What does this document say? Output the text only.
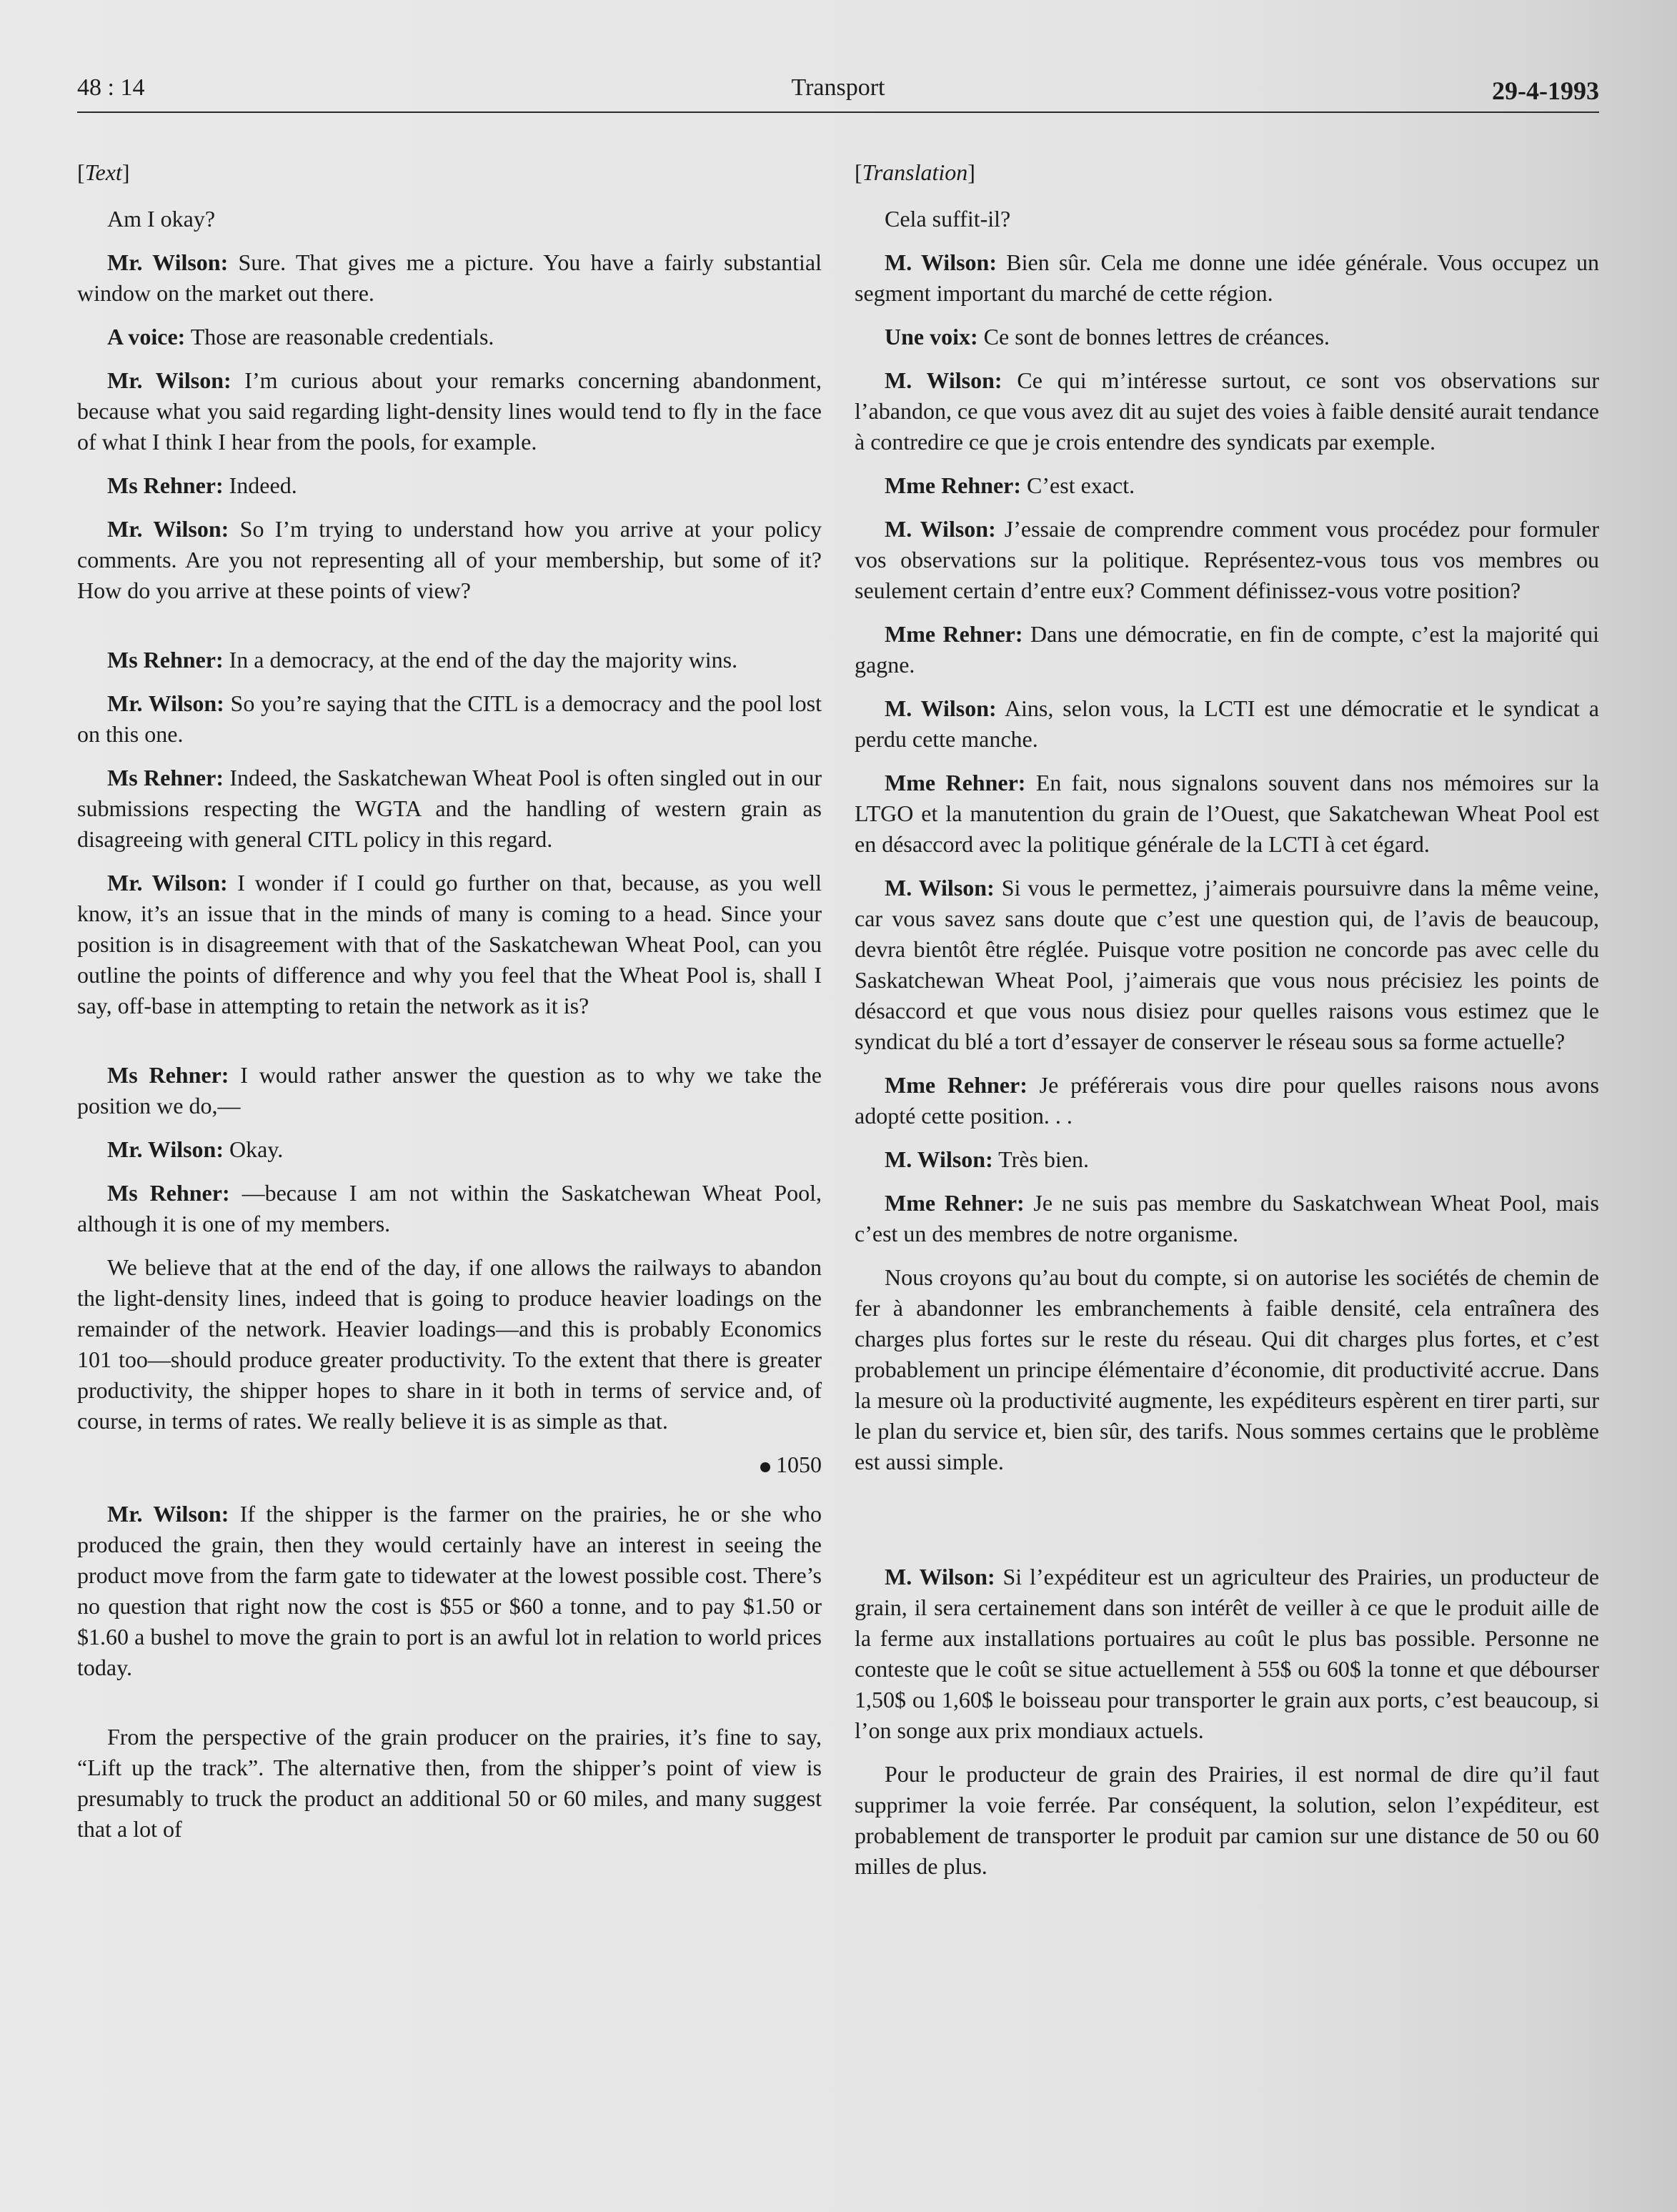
48 : 14	Transport	29-4-1993

[Text]

Am I okay?

Mr. Wilson: Sure. That gives me a picture. You have a fairly substantial window on the market out there.

A voice: Those are reasonable credentials.

Mr. Wilson: I’m curious about your remarks concerning abandonment, because what you said regarding light-density lines would tend to fly in the face of what I think I hear from the pools, for example.

Ms Rehner: Indeed.

Mr. Wilson: So I’m trying to understand how you arrive at your policy comments. Are you not representing all of your membership, but some of it? How do you arrive at these points of view?

Ms Rehner: In a democracy, at the end of the day the majority wins.

Mr. Wilson: So you’re saying that the CITL is a democracy and the pool lost on this one.

Ms Rehner: Indeed, the Saskatchewan Wheat Pool is often singled out in our submissions respecting the WGTA and the handling of western grain as disagreeing with general CITL policy in this regard.

Mr. Wilson: I wonder if I could go further on that, because, as you well know, it’s an issue that in the minds of many is coming to a head. Since your position is in disagreement with that of the Saskatchewan Wheat Pool, can you outline the points of difference and why you feel that the Wheat Pool is, shall I say, off-base in attempting to retain the network as it is?

Ms Rehner: I would rather answer the question as to why we take the position we do,—

Mr. Wilson: Okay.

Ms Rehner: —because I am not within the Saskatchewan Wheat Pool, although it is one of my members.

We believe that at the end of the day, if one allows the railways to abandon the light-density lines, indeed that is going to produce heavier loadings on the remainder of the network. Heavier loadings—and this is probably Economics 101 too—should produce greater productivity. To the extent that there is greater productivity, the shipper hopes to share in it both in terms of service and, of course, in terms of rates. We really believe it is as simple as that.

1050

Mr. Wilson: If the shipper is the farmer on the prairies, he or she who produced the grain, then they would certainly have an interest in seeing the product move from the farm gate to tidewater at the lowest possible cost. There’s no question that right now the cost is $55 or $60 a tonne, and to pay $1.50 or $1.60 a bushel to move the grain to port is an awful lot in relation to world prices today.

From the perspective of the grain producer on the prairies, it’s fine to say, “Lift up the track”. The alternative then, from the shipper’s point of view is presumably to truck the product an additional 50 or 60 miles, and many suggest that a lot of

[Translation]

Cela suffit-il?

M. Wilson: Bien sûr. Cela me donne une idée générale. Vous occupez un segment important du marché de cette région.

Une voix: Ce sont de bonnes lettres de créances.

M. Wilson: Ce qui m’intéresse surtout, ce sont vos observations sur l’abandon, ce que vous avez dit au sujet des voies à faible densité aurait tendance à contredire ce que je crois entendre des syndicats par exemple.

Mme Rehner: C’est exact.

M. Wilson: J’essaie de comprendre comment vous procédez pour formuler vos observations sur la politique. Représentez-vous tous vos membres ou seulement certain d’entre eux? Comment définissez-vous votre position?

Mme Rehner: Dans une démocratie, en fin de compte, c’est la majorité qui gagne.

M. Wilson: Ains, selon vous, la LCTI est une démocratie et le syndicat a perdu cette manche.

Mme Rehner: En fait, nous signalons souvent dans nos mémoires sur la LTGO et la manutention du grain de l’Ouest, que Sakatchewan Wheat Pool est en désaccord avec la politique générale de la LCTI à cet égard.

M. Wilson: Si vous le permettez, j’aimerais poursuivre dans la même veine, car vous savez sans doute que c’est une question qui, de l’avis de beaucoup, devra bientôt être réglée. Puisque votre position ne concorde pas avec celle du Saskatchewan Wheat Pool, j’aimerais que vous nous précisiez les points de désaccord et que vous nous disiez pour quelles raisons vous estimez que le syndicat du blé a tort d’essayer de conserver le réseau sous sa forme actuelle?

Mme Rehner: Je préférerais vous dire pour quelles raisons nous avons adopté cette position. . .

M. Wilson: Très bien.

Mme Rehner: Je ne suis pas membre du Saskatchwean Wheat Pool, mais c’est un des membres de notre organisme.

Nous croyons qu’au bout du compte, si on autorise les sociétés de chemin de fer à abandonner les embranchements à faible densité, cela entraînera des charges plus fortes sur le reste du réseau. Qui dit charges plus fortes, et c’est probablement un principe élémentaire d’économie, dit productivité accrue. Dans la mesure où la productivité augmente, les expéditeurs espèrent en tirer parti, sur le plan du service et, bien sûr, des tarifs. Nous sommes certains que le problème est aussi simple.

M. Wilson: Si l’expéditeur est un agriculteur des Prairies, un producteur de grain, il sera certainement dans son intérêt de veiller à ce que le produit aille de la ferme aux installations portuaires au coût le plus bas possible. Personne ne conteste que le coût se situe actuellement à 55$ ou 60$ la tonne et que débourser 1,50$ ou 1,60$ le boisseau pour transporter le grain aux ports, c’est beaucoup, si l’on songe aux prix mondiaux actuels.

Pour le producteur de grain des Prairies, il est normal de dire qu’il faut supprimer la voie ferrée. Par conséquent, la solution, selon l’expéditeur, est probablement de transporter le produit par camion sur une distance de 50 ou 60 milles de plus.
